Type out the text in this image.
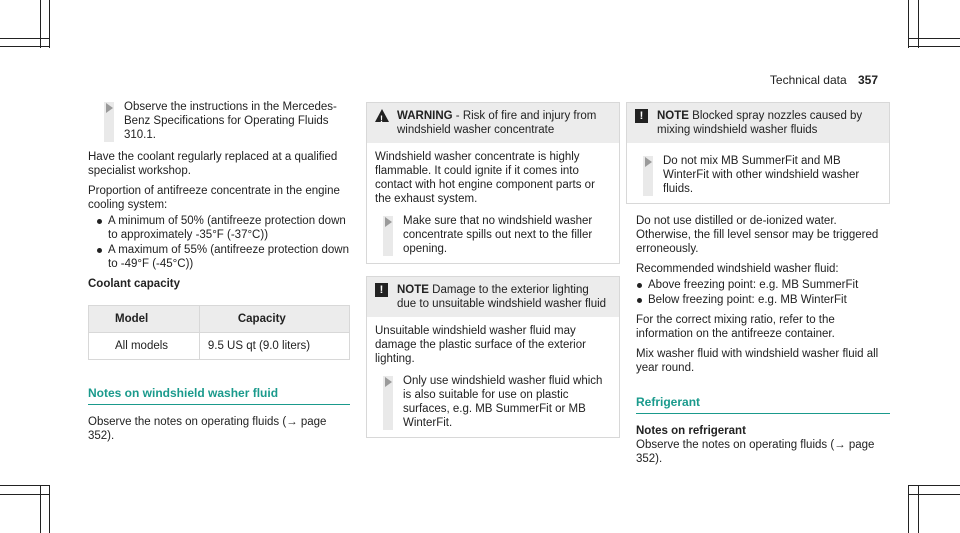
Technical data 357
Observe the instructions in the Mercedes-Benz Specifications for Operating Fluids 310.1.

Have the coolant regularly replaced at a qualified specialist workshop.

Proportion of antifreeze concentrate in the engine cooling system:

A minimum of 50% (antifreeze protection down to approximately -35°F (-37°C))
A maximum of 55% (antifreeze protection down to -49°F (-45°C))
Coolant capacity
Model	Capacity
All models	9.5 US qt (9.0 liters)
Notes on windshield washer fluid

Observe the notes on operating fluids (→ page 352).

! WARNING - Risk of fire and injury from windshield washer concentrate

Windshield washer concentrate is highly flammable. It could ignite if it comes into contact with hot engine component parts or the exhaust system.

Make sure that no windshield washer concentrate spills out next to the filler opening.
!	NOTE Damage to the exterior lighting due to unsuitable windshield washer fluid

Unsuitable windshield washer fluid may damage the plastic surface of the exterior lighting.

Only use windshield washer fluid which is also suitable for use on plastic surfaces, e.g. MB SummerFit or MB WinterFit.
!	NOTE Blocked spray nozzles caused by mixing windshield washer fluids
Do not mix MB SummerFit and MB WinterFit with other windshield washer fluids.

Do not use distilled or de-ionized water. Otherwise, the fill level sensor may be triggered erroneously.

Recommended windshield washer fluid:

Above freezing point: e.g. MB SummerFit
Below freezing point: e.g. MB WinterFit

For the correct mixing ratio, refer to the information on the antifreeze container.

Mix washer fluid with windshield washer fluid all year round.

Refrigerant
Notes on refrigerant

Observe the notes on operating fluids (→ page 352).
